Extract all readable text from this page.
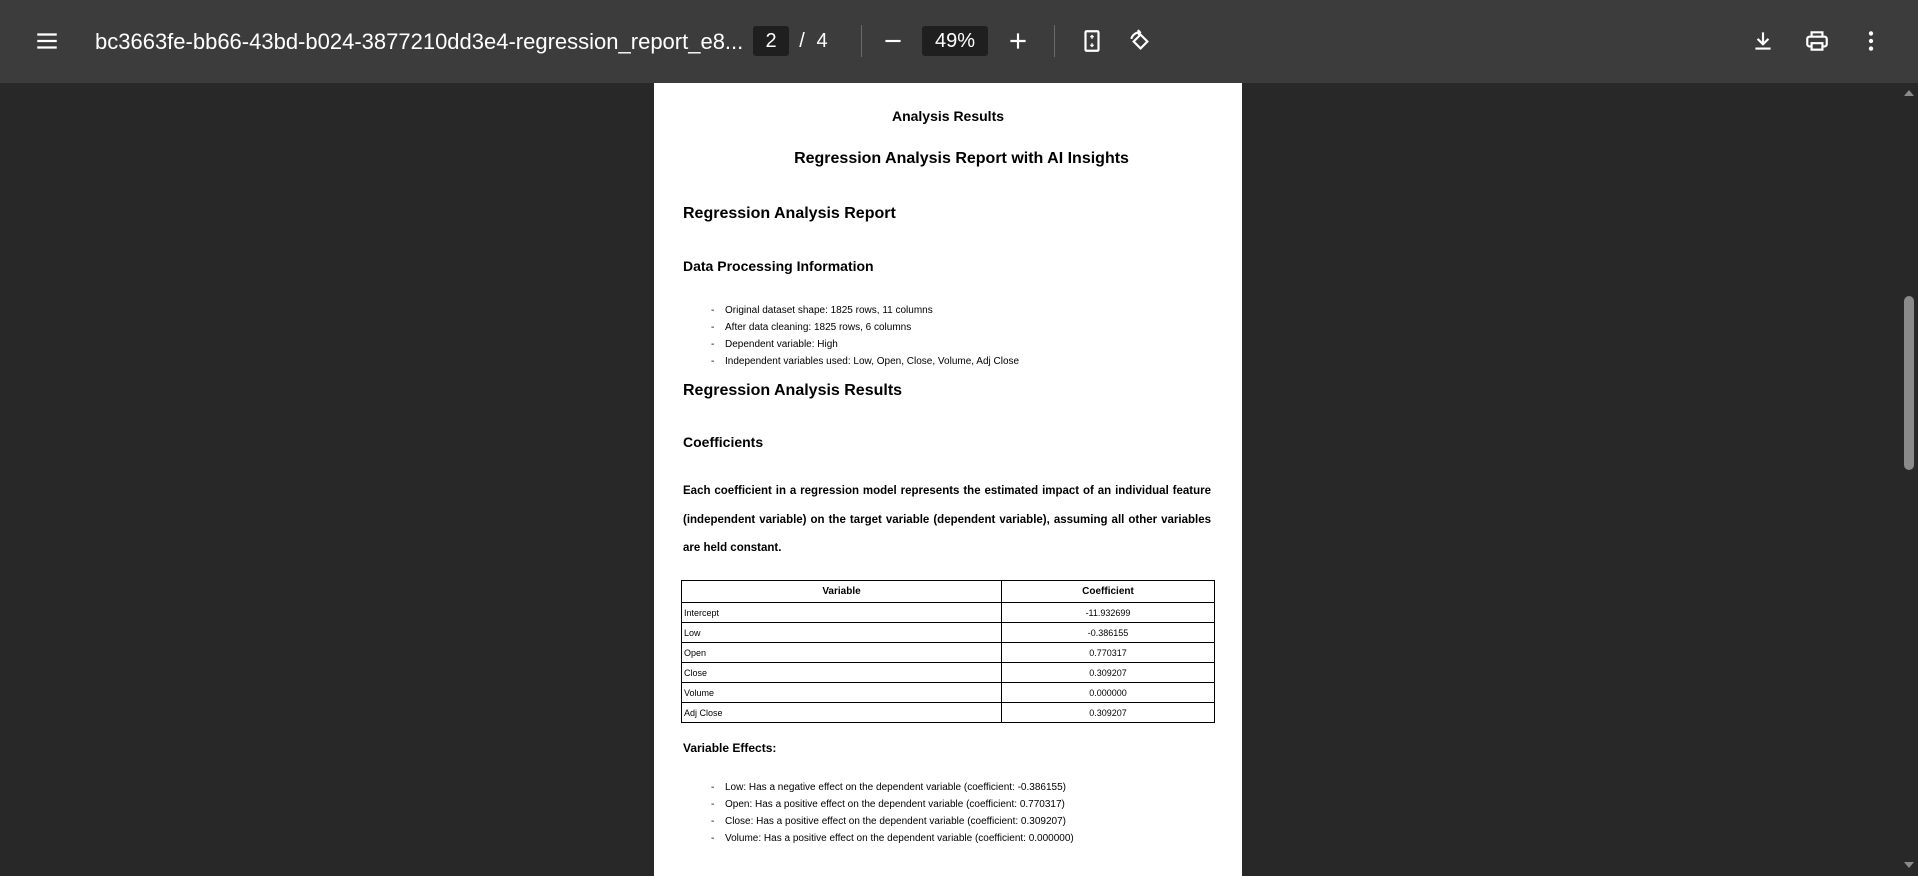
bc3663fe-bb66-43bd-b024-3877210dd3e4-regression_report_e8...	2	/ 4	49%
Analysis Results
Regression Analysis Report with AI Insights
Regression Analysis Report
Data Processing Information
- Original dataset shape: 1825 rows, 11 columns
- After data cleaning: 1825 rows, 6 columns
- Dependent variable: High
- Independent variables used: Low, Open, Close, Volume, Adj Close
Regression Analysis Results
Coefficients
Each coefficient in a regression model represents the estimated impact of an individual feature (independent variable) on the target variable (dependent variable), assuming all other variables are held constant.
Variable	Coefficient
Intercept	-11.932699
Low	-0.386155
Open	0.770317
Close	0.309207
Volume	0.000000
Adj Close	0.309207
Variable Effects:
- Low: Has a negative effect on the dependent variable (coefficient: -0.386155)
- Open: Has a positive effect on the dependent variable (coefficient: 0.770317)
- Close: Has a positive effect on the dependent variable (coefficient: 0.309207)
- Volume: Has a positive effect on the dependent variable (coefficient: 0.000000)
